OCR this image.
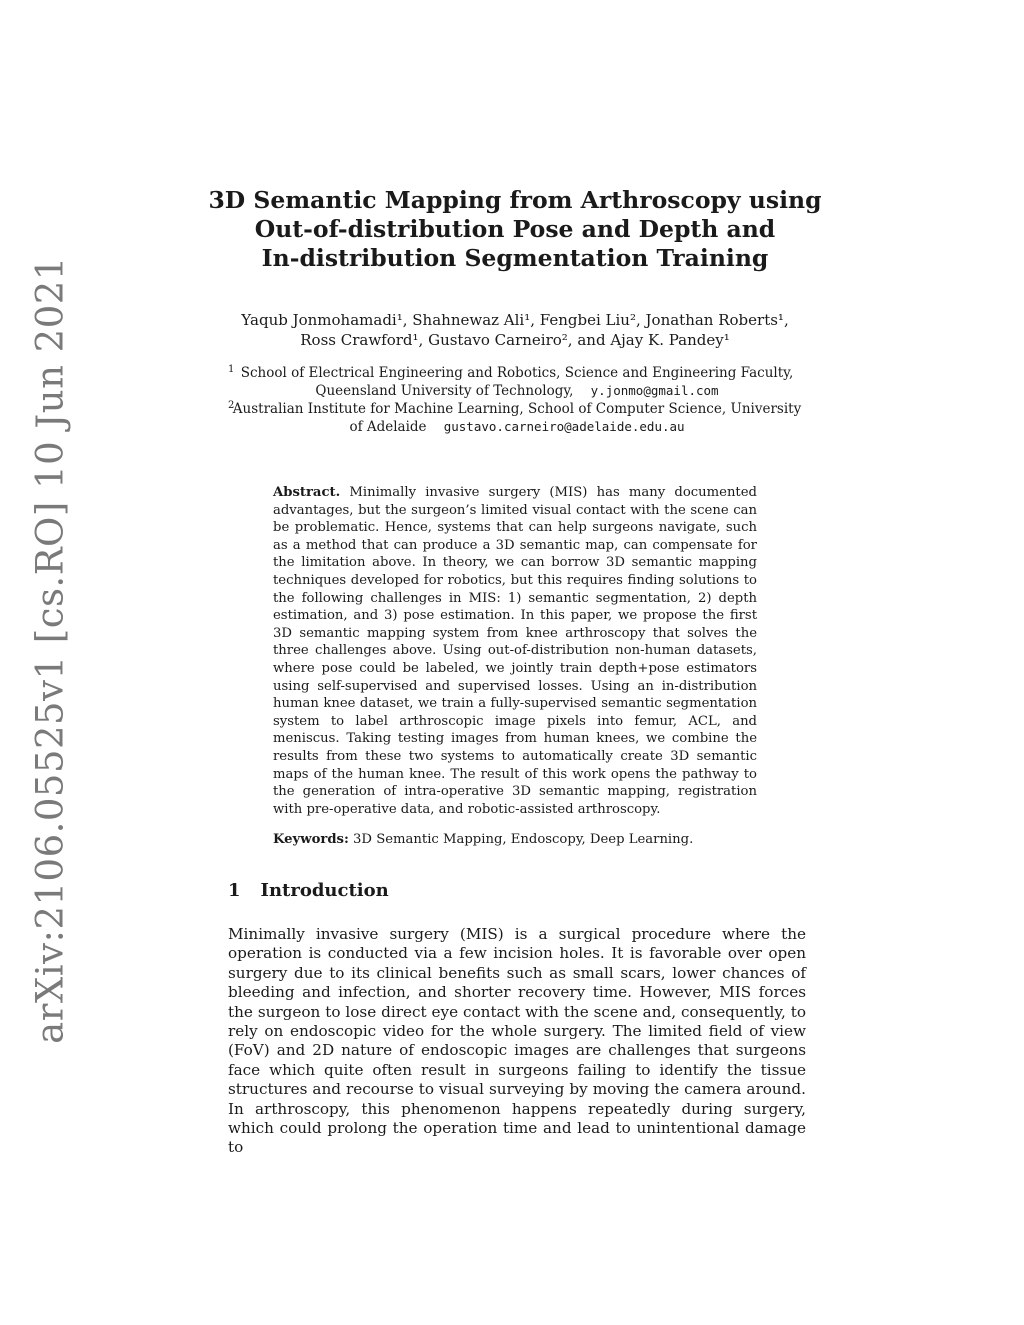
arXiv:2106.05525v1 [cs.RO] 10 Jun 2021
3D Semantic Mapping from Arthroscopy using
Out-of-distribution Pose and Depth and
In-distribution Segmentation Training
Yaqub Jonmohamadi¹, Shahnewaz Ali¹, Fengbei Liu², Jonathan Roberts¹,
Ross Crawford¹, Gustavo Carneiro², and Ajay K. Pandey¹
1 School of Electrical Engineering and Robotics, Science and Engineering Faculty,
Queensland University of Technology, y.jonmo@gmail.com
2
Australian Institute for Machine Learning, School of Computer Science, University
of Adelaide gustavo.carneiro@adelaide.edu.au
Abstract. Minimally invasive surgery (MIS) has many documented advantages, but the surgeon’s limited visual contact with the scene can be problematic. Hence, systems that can help surgeons navigate, such as a method that can produce a 3D semantic map, can compensate for the limitation above. In theory, we can borrow 3D semantic mapping techniques developed for robotics, but this requires finding solutions to the following challenges in MIS: 1) semantic segmentation, 2) depth estimation, and 3) pose estimation. In this paper, we propose the first 3D semantic mapping system from knee arthroscopy that solves the three challenges above. Using out-of-distribution non-human datasets, where pose could be labeled, we jointly train depth+pose estimators using self-supervised and supervised losses. Using an in-distribution human knee dataset, we train a fully-supervised semantic segmentation system to label arthroscopic image pixels into femur, ACL, and meniscus. Taking testing images from human knees, we combine the results from these two systems to automatically create 3D semantic maps of the human knee. The result of this work opens the pathway to the generation of intra-operative 3D semantic mapping, registration with pre-operative data, and robotic-assisted arthroscopy.
Keywords: 3D Semantic Mapping, Endoscopy, Deep Learning.
1 Introduction
Minimally invasive surgery (MIS) is a surgical procedure where the operation is conducted via a few incision holes. It is favorable over open surgery due to its clinical benefits such as small scars, lower chances of bleeding and infection, and shorter recovery time. However, MIS forces the surgeon to lose direct eye contact with the scene and, consequently, to rely on endoscopic video for the whole surgery. The limited field of view (FoV) and 2D nature of endoscopic images are challenges that surgeons face which quite often result in surgeons failing to identify the tissue structures and recourse to visual surveying by moving the camera around. In arthroscopy, this phenomenon happens repeatedly during surgery, which could prolong the operation time and lead to unintentional damage to
